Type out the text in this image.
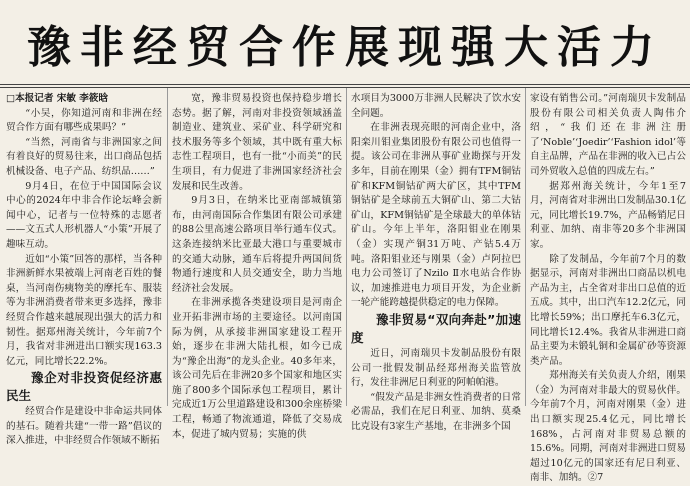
豫非经贸合作展现强大活力

□本报记者 宋敏 李筱晗

“小吴，你知道河南和非洲在经贸合作方面有哪些成果吗？”

“当然，河南省与非洲国家之间有着良好的贸易往来，出口商品包括机械设备、电子产品、纺织品……”

9月4日，在位于中国国际会议中心的2024年中非合作论坛峰会新闻中心，记者与一位特殊的志愿者——文五式人形机器人“小策”开展了趣味互动。

近如“小策”回答的那样，当各种非洲新鲜水果被端上河南老百姓的餐桌，当河南伤痍物美的摩托车、服装等为非洲消费者带来更多选择，豫非经贸合作越来越展现出强大的活力和韧性。据郑州海关统计，今年前7个月，我省对非洲进出口额实现163.3亿元，同比增长22.2%。

豫企对非投资促经济惠民生

经贸合作是建设中非命运共同体的基石。随着共建“一带一路”倡议的深入推进，中非经贸合作领域不断拓

宽，豫非贸易投资也保持稳步增长态势。据了解，河南对非投资领域涵盖制造业、建筑业、采矿业、科学研究和技术服务等多个领域，其中既有重大标志性工程项目，也有一批“小而美”的民生项目，有力促进了非洲国家经济社会发展和民生改善。

9月3日，在纳米比亚南部城镇第布，由河南国际合作集团有限公司承建的88公里高速公路项目举行通车仪式。这条连接纳米比亚最大港口与重要城市的交通大动脉，通车后将提升两国间货物通行速度和人员交通安全，助力当地经济社会发展。

在非洲承揽各类建设项目是河南企业开拓非洲市场的主要途径。以河南国际为例，从承接非洲国家建设工程开始，逐步在非洲大陆扎根，如今已成为“豫企出海”的龙头企业。40多年来，该公司先后在非洲20多个国家和地区实施了800多个国际承包工程项目，累计完成近1万公里道路建设和300余座桥梁工程，畅通了物流通道，降低了交易成本，促进了城内贸易；实施的供

水项目为3000万非洲人民解决了饮水安全问题。

在非洲表现亮眼的河南企业中，洛阳栾川钼业集团股份有限公司也值得一提。该公司在非洲从事矿业勘探与开发多年，目前在刚果（金）拥有TFM铜钴矿和KFM铜钴矿两大矿区，其中TFM铜钴矿是全球前五大铜矿山、第二大钴矿山，KFM铜钴矿是全球最大的单体钴矿山。今年上半年，洛阳钼业在刚果（金）实现产铜31万吨、产钴5.4万吨。洛阳钼业还与刚果（金）卢阿拉巴电力公司签订了Nzilo Ⅱ水电站合作协议，加速推进电力项目开发，为企业新一轮产能跨越提供稳定的电力保障。

豫非贸易“双向奔赴”加速度

近日，河南瑞贝卡发制品股份有限公司一批假发制品经郑州海关监管放行，发往非洲尼日利亚的阿帕帕港。

“假发产品是非洲女性消费者的日常必需品，我们在尼日利亚、加纳、莫桑比克设有3家生产基地，在非洲多个国

家设有销售公司。”河南瑞贝卡发制品股份有限公司相关负责人陶伟介绍，“我们还在非洲注册了‘Noble’‘Joedir’‘Fashion idol’等自主品牌，产品在非洲的收入已占公司外贸收入总值的四成左右。”

据郑州海关统计，今年1至7月，河南省对非洲出口发制品30.1亿元，同比增长19.7%，产品畅销尼日利亚、加纳、南非等20多个非洲国家。

除了发制品，今年前7个月的数据显示，河南对非洲出口商品以机电产品为主，占全省对非出口总值的近五成。其中，出口汽车12.2亿元，同比增长59%；出口摩托车6.3亿元，同比增长12.4%。我省从非洲进口商品主要为未锻轧铜和金属矿砂等资源类产品。

郑州海关有关负责人介绍，刚果（金）为河南对非最大的贸易伙伴。今年前7个月，河南对刚果（金）进出口额实现25.4亿元，同比增长168%，占河南对非贸易总额的15.6%。同期，河南对非洲进口贸易超过10亿元的国家还有尼日利亚、南非、加纳。②7
